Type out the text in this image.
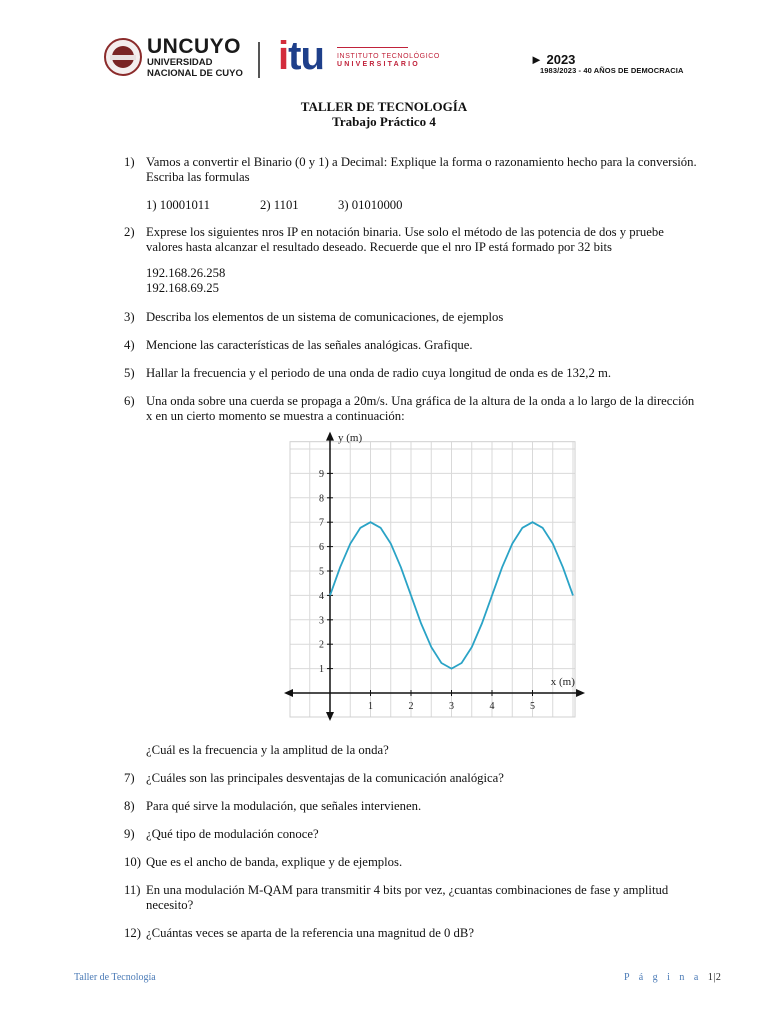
UNCUYO
UNIVERSIDAD
NACIONAL DE CUYO itu INSTITUTO TECNOLÓGICO
UNIVERSITARIO	► 2023
1983/2023 - 40 AÑOS DE DEMOCRACIA
TALLER DE TECNOLOGÍA
Trabajo Práctico 4
1) Vamos a convertir el Binario (0 y 1) a Decimal: Explique la forma o razonamiento hecho para la conversión.
Escriba las formulas
1) 10001011	2) 1101	3) 01010000
2) Exprese los siguientes nros IP en notación binaria. Use solo el método de las potencia de dos y pruebe
valores hasta alcanzar el resultado deseado. Recuerde que el nro IP está formado por 32 bits
192.168.26.258
192.168.69.25
3) Describa los elementos de un sistema de comunicaciones, de ejemplos
4) Mencione las características de las señales analógicas. Grafique.
5) Hallar la frecuencia y el periodo de una onda de radio cuya longitud de onda es de 132,2 m.
6) Una onda sobre una cuerda se propaga a 20m/s. Una gráfica de la altura de la onda a lo largo de la dirección
x en un cierto momento se muestra a continuación:
1	2	3	4	5
1
2
3
4
5
6
7
8
9
y (m)
x (m)
¿Cuál es la frecuencia y la amplitud de la onda?
7) ¿Cuáles son las principales desventajas de la comunicación analógica?
8) Para qué sirve la modulación, que señales intervienen.
9) ¿Qué tipo de modulación conoce?
10) Que es el ancho de banda, explique y de ejemplos.
11) En una modulación M-QAM para transmitir 4 bits por vez, ¿cuantas combinaciones de fase y amplitud
necesito?
12) ¿Cuántas veces se aparta de la referencia una magnitud de 0 dB?
Taller de Tecnología	P á g i n a 1|2
